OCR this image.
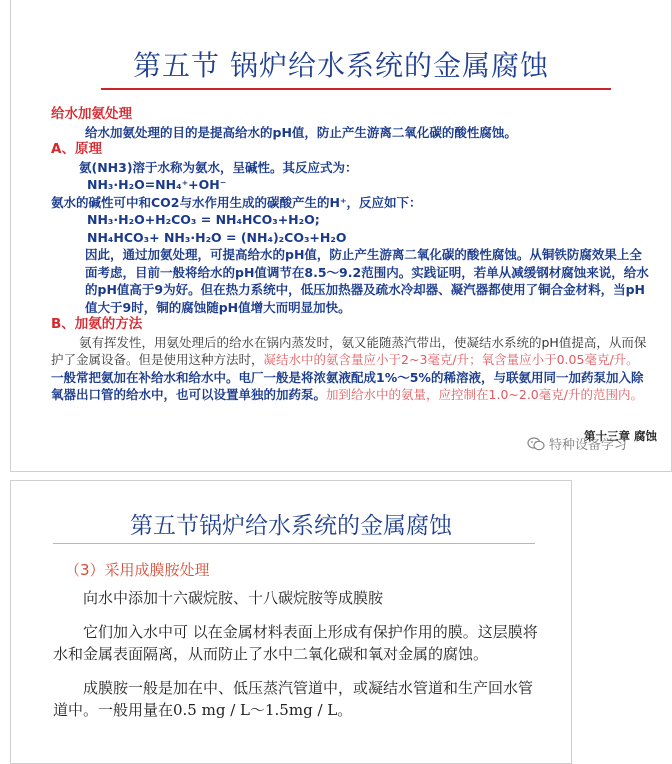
第五节 锅炉给水系统的金属腐蚀

给水加氨处理

给水加氨处理的目的是提高给水的pH值，防止产生游离二氧化碳的酸性腐蚀。

A、原理

氨(NH3)溶于水称为氨水，呈碱性。其反应式为：

NH₃·H₂O=NH₄⁺+OH⁻

氨水的碱性可中和CO2与水作用生成的碳酸产生的H⁺，反应如下：

NH₃·H₂O+H₂CO₃ = NH₄HCO₃+H₂O;

NH₄HCO₃+ NH₃·H₂O = (NH₄)₂CO₃+H₂O

因此，通过加氨处理，可提高给水的pH值，防止产生游离二氧化碳的酸性腐蚀。从铜铁防腐效果上全面考虑，目前一般将给水的pH值调节在8.5～9.2范围内。实践证明，若单从减缓钢材腐蚀来说，给水的pH值高于9为好。但在热力系统中，低压加热器及疏水冷却器、凝汽器都使用了铜合金材料，当pH值大于9时，铜的腐蚀随pH值增大而明显加快。

B、加氨的方法

氨有挥发性，用氨处理后的给水在锅内蒸发时，氨又能随蒸汽带出，使凝结水系统的pH值提高，从而保护了金属设备。但是使用这种方法时，凝结水中的氨含量应小于2~3毫克/升；氧含量应小于0.05毫克/升。一般常把氨加在补给水和给水中。电厂一般是将浓氨液配成1%～5%的稀溶液，与联氨用同一加药泵加入除氧器出口管的给水中，也可以设置单独的加药泵。加到给水中的氨量，应控制在1.0~2.0毫克/升的范围内。

第十三章 腐蚀
特种设备学习
第五节锅炉给水系统的金属腐蚀
（3）采用成膜胺处理

向水中添加十六碳烷胺、十八碳烷胺等成膜胺

它们加入水中可 以在金属材料表面上形成有保护作用的膜。这层膜将水和金属表面隔离，从而防止了水中二氧化碳和氧对金属的腐蚀。

成膜胺一般是加在中、低压蒸汽管道中，或凝结水管道和生产回水管道中。一般用量在0.5 mg / L～1.5mg / L。
